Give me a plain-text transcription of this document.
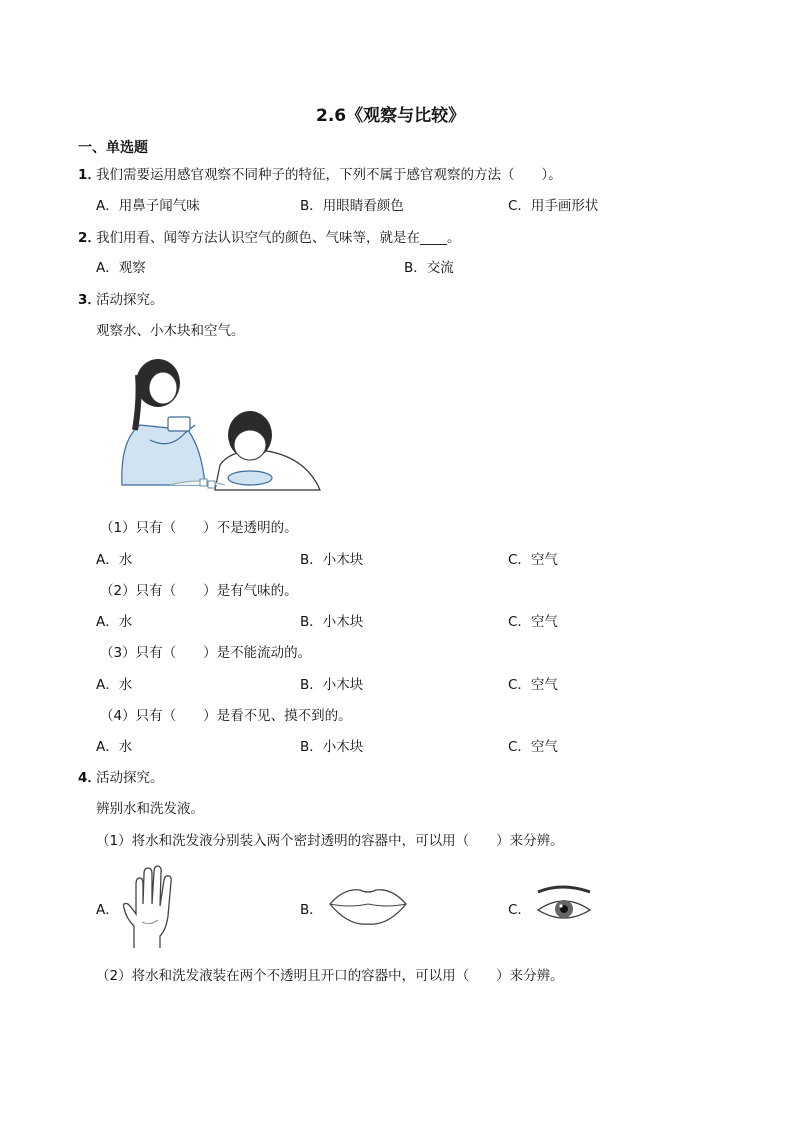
2.6《观察与比较》
一、单选题
1．
我们需要运用感官观察不同种子的特征，下列不属于感官观察的方法（　　）。
A．用鼻子闻气味	B．用眼睛看颜色	C．用手画形状
2．
我们用看、闻等方法认识空气的颜色、气味等，就是在____。
A．观察	B．交流
3．
活动探究。
观察水、小木块和空气。
（1）只有（　　）不是透明的。
A．水	B．小木块	C．空气
（2）只有（　　）是有气味的。
A．水	B．小木块	C．空气
（3）只有（　　）是不能流动的。
A．水	B．小木块	C．空气
（4）只有（　　）是看不见、摸不到的。
A．水	B．小木块	C．空气
4．
活动探究。
辨别水和洗发液。
（1）将水和洗发液分别装入两个密封透明的容器中，可以用（　　）来分辨。
A．	B．	C．
（2）将水和洗发液装在两个不透明且开口的容器中，可以用（　　）来分辨。
